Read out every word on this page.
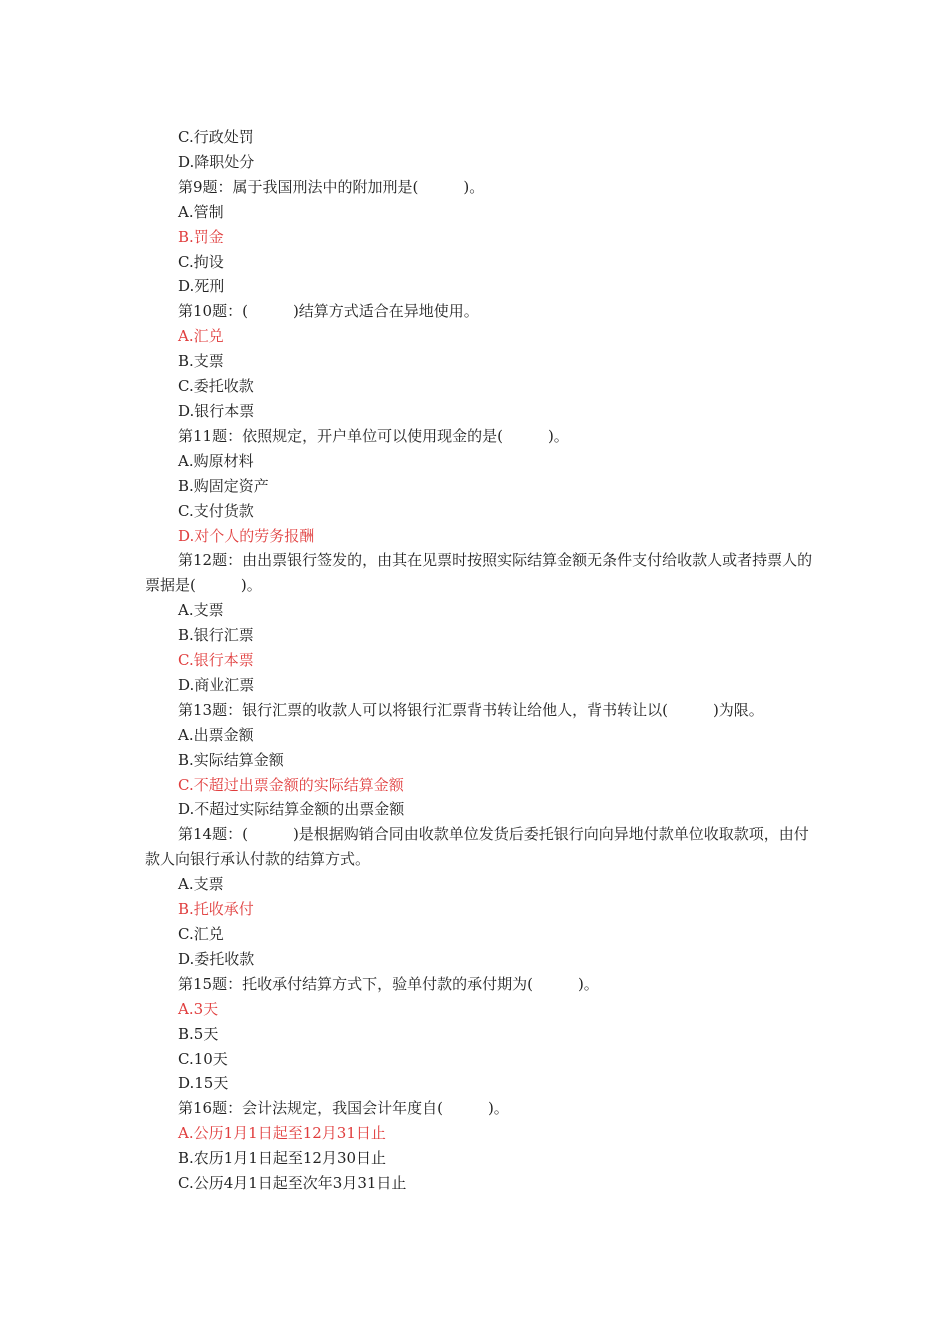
C.行政处罚
D.降职处分
第9题：属于我国刑法中的附加刑是(　　　)。
A.管制
B.罚金
C.拘设
D.死刑
第10题：(　　　)结算方式适合在异地使用。
A.汇兑
B.支票
C.委托收款
D.银行本票
第11题：依照规定，开户单位可以使用现金的是(　　　)。
A.购原材料
B.购固定资产
C.支付货款
D.对个人的劳务报酬
第12题：由出票银行签发的，由其在见票时按照实际结算金额无条件支付给收款人或者持票人的票据是(　　　)。
A.支票
B.银行汇票
C.银行本票
D.商业汇票
第13题：银行汇票的收款人可以将银行汇票背书转让给他人，背书转让以(　　　)为限。
A.出票金额
B.实际结算金额
C.不超过出票金额的实际结算金额
D.不超过实际结算金额的出票金额
第14题：(　　　)是根据购销合同由收款单位发货后委托银行向向异地付款单位收取款项，由付款人向银行承认付款的结算方式。
A.支票
B.托收承付
C.汇兑
D.委托收款
第15题：托收承付结算方式下，验单付款的承付期为(　　　)。
A.3天
B.5天
C.10天
D.15天
第16题：会计法规定，我国会计年度自(　　　)。
A.公历1月1日起至12月31日止
B.农历1月1日起至12月30日止
C.公历4月1日起至次年3月31日止
